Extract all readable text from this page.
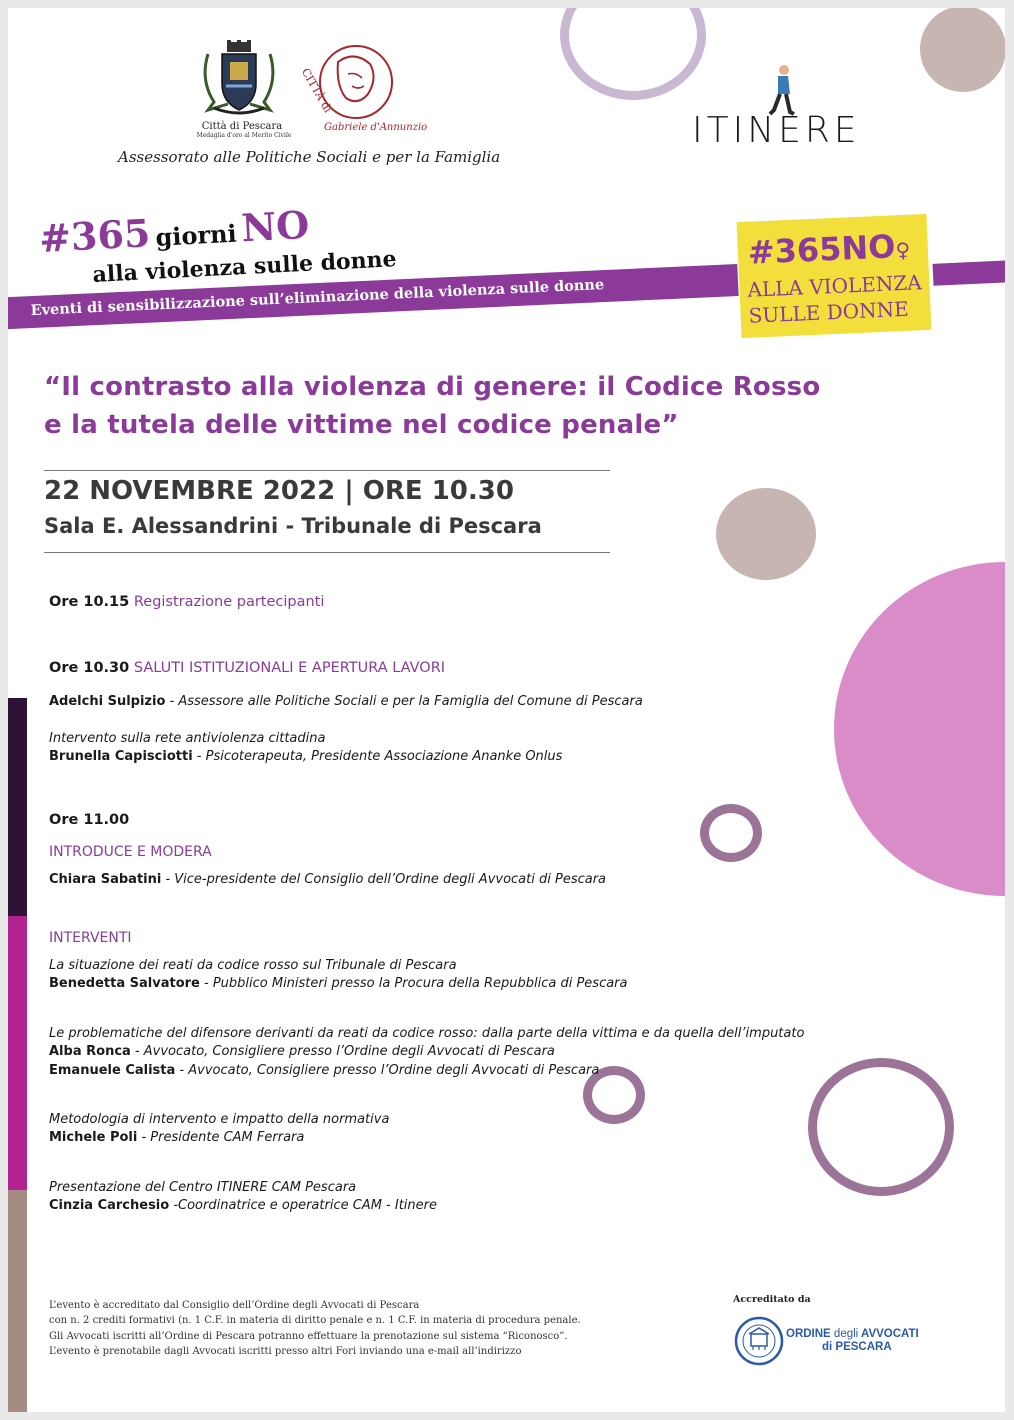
Città di Pescara
Medaglia d'oro al Merito Civile
CITTÀ di
Gabriele d'Annunzio
Assessorato alle Politiche Sociali e per la Famiglia
ITINERE
#365 giorni NO
alla violenza sulle donne
Eventi di sensibilizzazione sull’eliminazione della violenza sulle donne
#365NO♀
ALLA VIOLENZA
SULLE DONNE
“Il contrasto alla violenza di genere: il Codice Rosso
e la tutela delle vittime nel codice penale”
22 NOVEMBRE 2022 | ORE 10.30
Sala E. Alessandrini - Tribunale di Pescara
Ore 10.15 Registrazione partecipanti
Ore 10.30 SALUTI ISTITUZIONALI E APERTURA LAVORI
Adelchi Sulpizio - Assessore alle Politiche Sociali e per la Famiglia del Comune di Pescara
Intervento sulla rete antiviolenza cittadina
Brunella Capisciotti - Psicoterapeuta, Presidente Associazione Ananke Onlus
Ore 11.00
INTRODUCE E MODERA
Chiara Sabatini - Vice-presidente del Consiglio dell’Ordine degli Avvocati di Pescara
INTERVENTI
La situazione dei reati da codice rosso sul Tribunale di Pescara
Benedetta Salvatore - Pubblico Ministeri presso la Procura della Repubblica di Pescara
Le problematiche del difensore derivanti da reati da codice rosso: dalla parte della vittima e da quella dell’imputato
Alba Ronca - Avvocato, Consigliere presso l’Ordine degli Avvocati di Pescara
Emanuele Calista - Avvocato, Consigliere presso l’Ordine degli Avvocati di Pescara
Metodologia di intervento e impatto della normativa
Michele Poli - Presidente CAM Ferrara
Presentazione del Centro ITINERE CAM Pescara
Cinzia Carchesio -Coordinatrice e operatrice CAM - Itinere
L’evento è accreditato dal Consiglio dell’Ordine degli Avvocati di Pescara
con n. 2 crediti formativi (n. 1 C.F. in materia di diritto penale e n. 1 C.F. in materia di procedura penale.
Gli Avvocati iscritti all’Ordine di Pescara potranno effettuare la prenotazione sul sistema “Riconosco”.
L’evento è prenotabile dagli Avvocati iscritti presso altri Fori inviando una e-mail all’indirizzo
Accreditato da
ORDINE degli AVVOCATI
di PESCARA
